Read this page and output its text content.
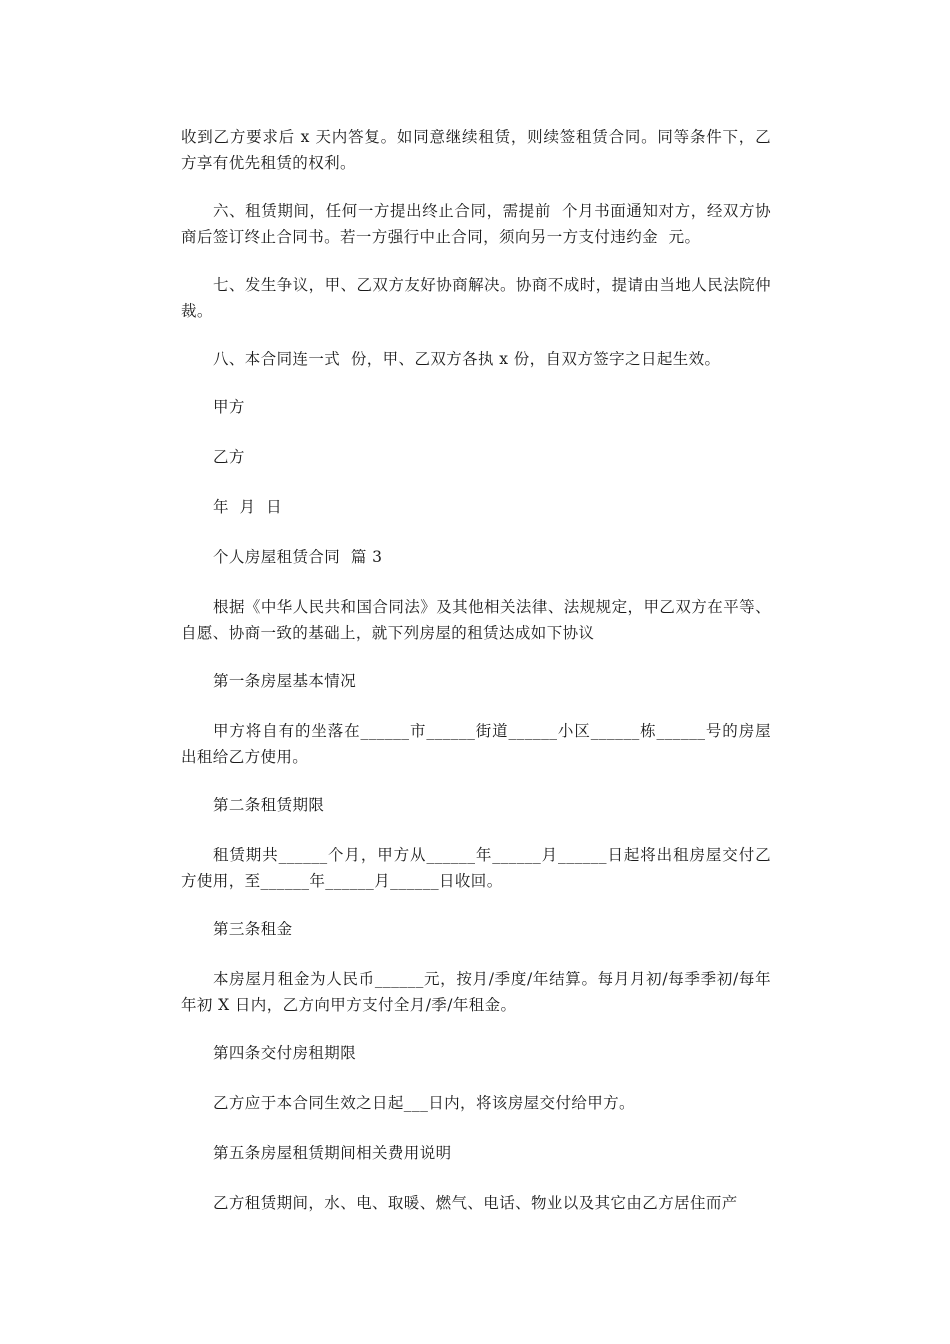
收到乙方要求后 x 天内答复。如同意继续租赁，则续签租赁合同。同等条件下，乙方享有优先租赁的权利。

六、租赁期间，任何一方提出终止合同，需提前  个月书面通知对方，经双方协商后签订终止合同书。若一方强行中止合同，须向另一方支付违约金  元。

七、发生争议，甲、乙双方友好协商解决。协商不成时，提请由当地人民法院仲裁。

八、本合同连一式  份，甲、乙双方各执 x 份，自双方签字之日起生效。

甲方

乙方

年  月  日

个人房屋租赁合同  篇 3

根据《中华人民共和国合同法》及其他相关法律、法规规定，甲乙双方在平等、自愿、协商一致的基础上，就下列房屋的租赁达成如下协议

第一条房屋基本情况

甲方将自有的坐落在______市______街道______小区______栋______号的房屋出租给乙方使用。

第二条租赁期限

租赁期共______个月，甲方从______年______月______日起将出租房屋交付乙方使用，至______年______月______日收回。

第三条租金

本房屋月租金为人民币______元，按月/季度/年结算。每月月初/每季季初/每年年初 X 日内，乙方向甲方支付全月/季/年租金。

第四条交付房租期限

乙方应于本合同生效之日起___日内，将该房屋交付给甲方。

第五条房屋租赁期间相关费用说明

乙方租赁期间，水、电、取暖、燃气、电话、物业以及其它由乙方居住而产
